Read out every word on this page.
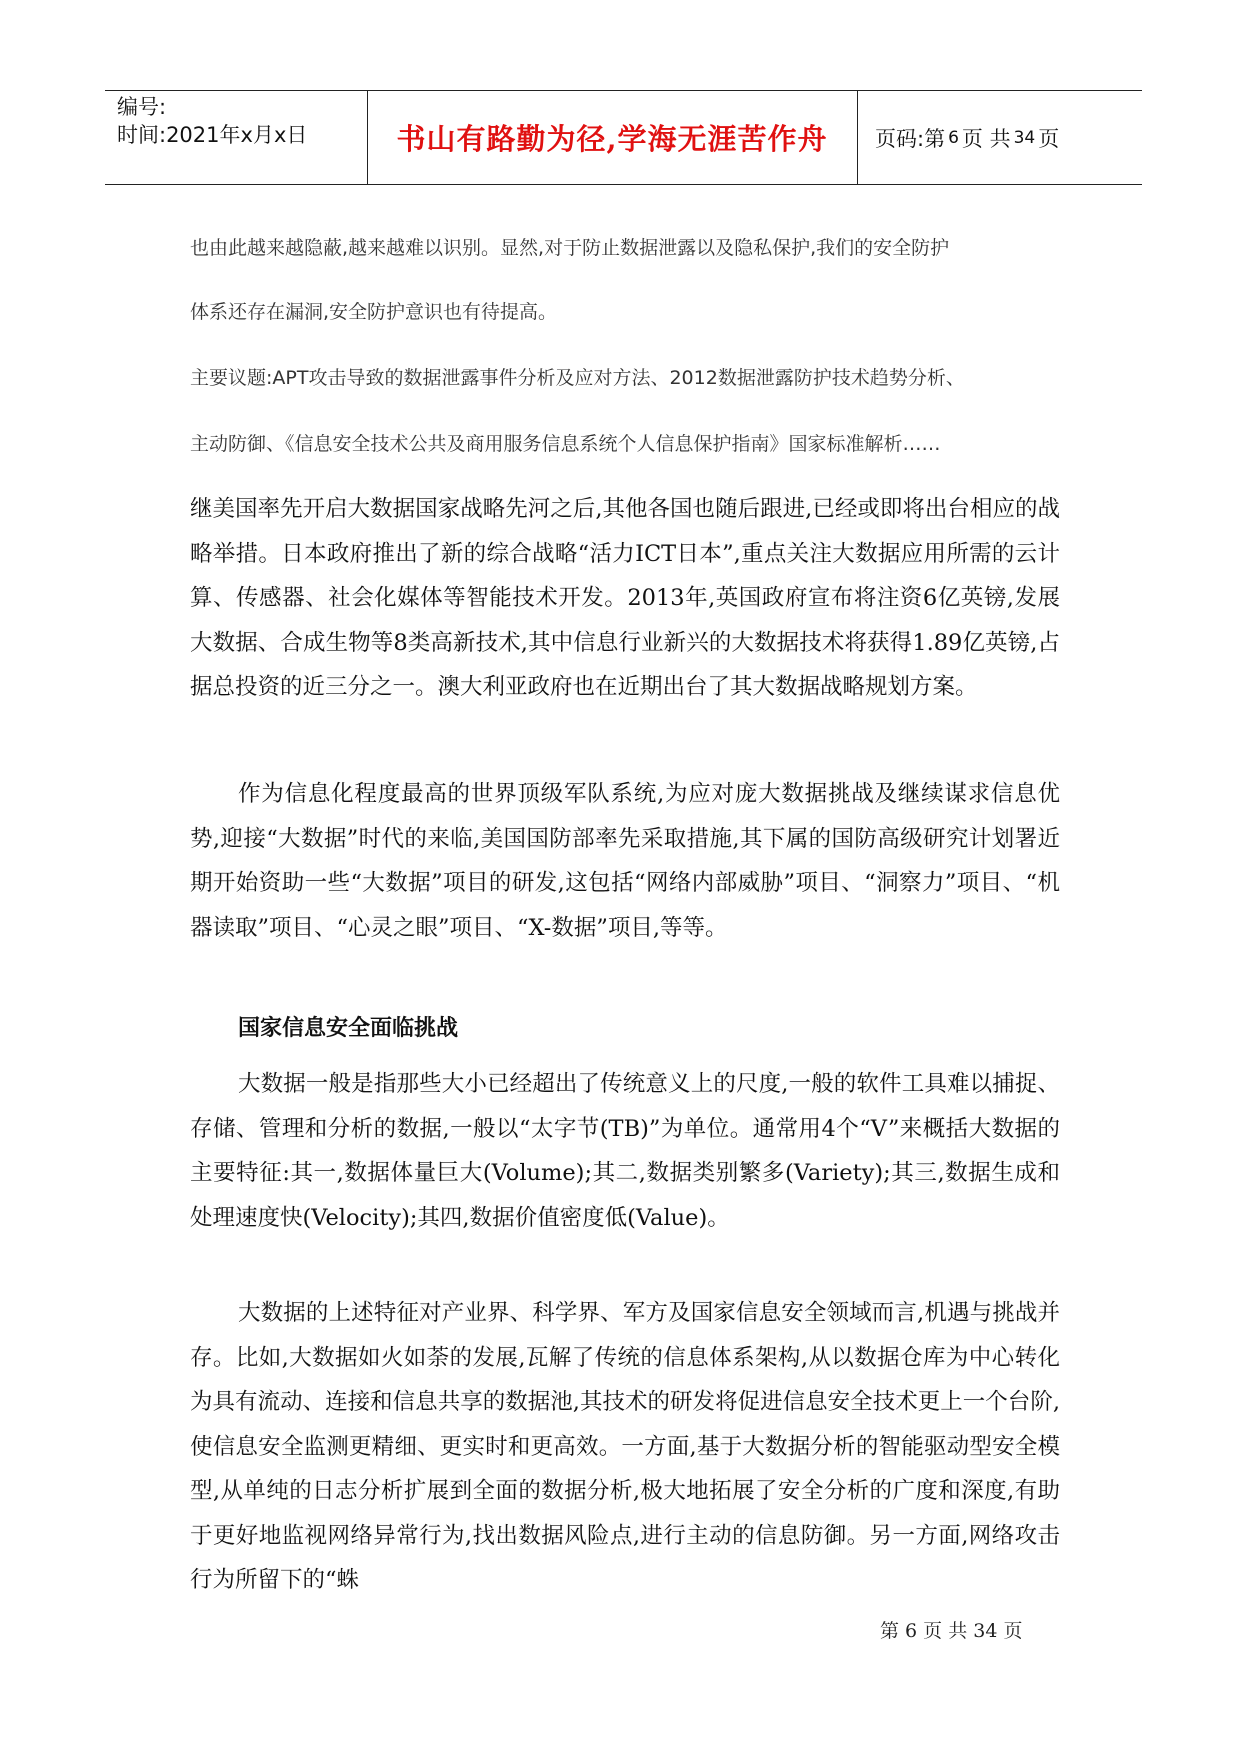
编号:
时间:2021年x月x日	书山有路勤为径,学海无涯苦作舟	页码:第 6 页 共 34 页

也由此越来越隐蔽,越来越难以识别。显然,对于防止数据泄露以及隐私保护,我们的安全防护

体系还存在漏洞,安全防护意识也有待提高。

主要议题:APT攻击导致的数据泄露事件分析及应对方法、2012数据泄露防护技术趋势分析、

主动防御、《信息安全技术公共及商用服务信息系统个人信息保护指南》国家标准解析……

继美国率先开启大数据国家战略先河之后,其他各国也随后跟进,已经或即将出台相应的战略举措。日本政府推出了新的综合战略“活力ICT日本”,重点关注大数据应用所需的云计算、传感器、社会化媒体等智能技术开发。2013年,英国政府宣布将注资6亿英镑,发展大数据、合成生物等8类高新技术,其中信息行业新兴的大数据技术将获得1.89亿英镑,占据总投资的近三分之一。澳大利亚政府也在近期出台了其大数据战略规划方案。

作为信息化程度最高的世界顶级军队系统,为应对庞大数据挑战及继续谋求信息优势,迎接“大数据”时代的来临,美国国防部率先采取措施,其下属的国防高级研究计划署近期开始资助一些“大数据”项目的研发,这包括“网络内部威胁”项目、“洞察力”项目、“机器读取”项目、“心灵之眼”项目、“X-数据”项目,等等。

国家信息安全面临挑战

大数据一般是指那些大小已经超出了传统意义上的尺度,一般的软件工具难以捕捉、存储、管理和分析的数据,一般以“太字节(TB)”为单位。通常用4个“V”来概括大数据的主要特征:其一,数据体量巨大(Volume);其二,数据类别繁多(Variety);其三,数据生成和处理速度快(Velocity);其四,数据价值密度低(Value)。

大数据的上述特征对产业界、科学界、军方及国家信息安全领域而言,机遇与挑战并存。比如,大数据如火如荼的发展,瓦解了传统的信息体系架构,从以数据仓库为中心转化为具有流动、连接和信息共享的数据池,其技术的研发将促进信息安全技术更上一个台阶,使信息安全监测更精细、更实时和更高效。一方面,基于大数据分析的智能驱动型安全模型,从单纯的日志分析扩展到全面的数据分析,极大地拓展了安全分析的广度和深度,有助于更好地监视网络异常行为,找出数据风险点,进行主动的信息防御。另一方面,网络攻击行为所留下的“蛛

第 6 页 共 34 页
